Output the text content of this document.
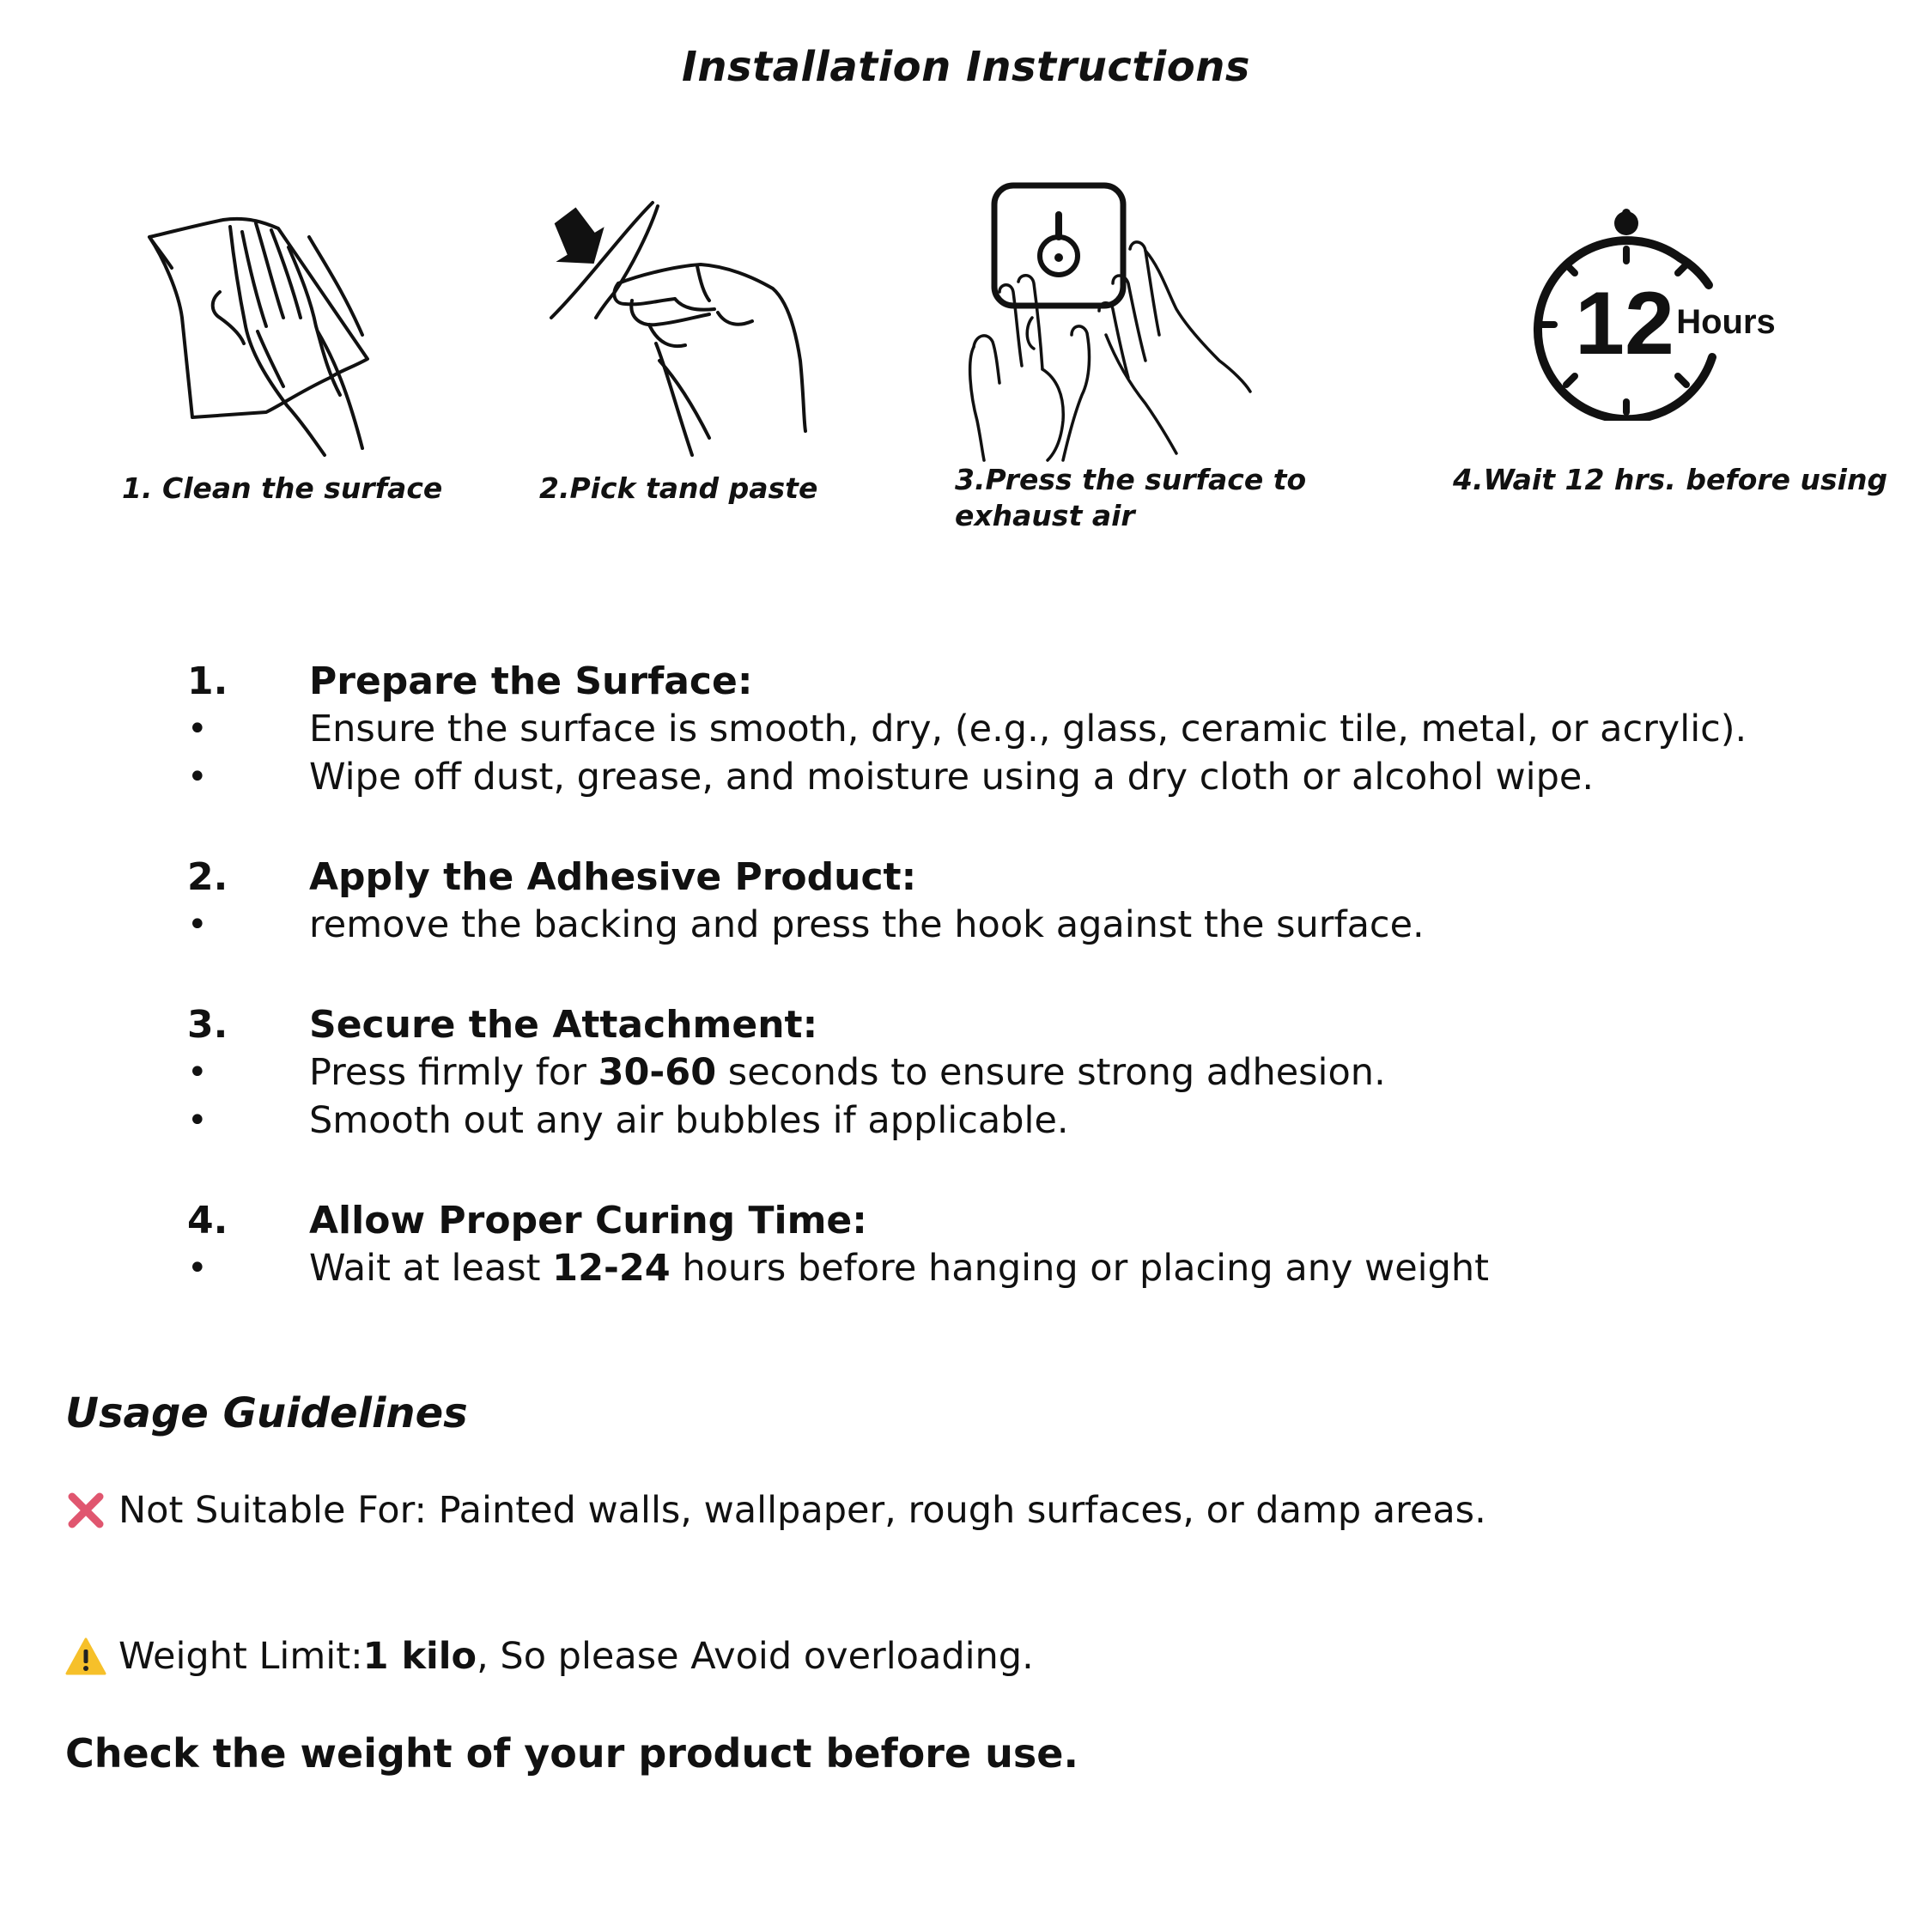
Installation Instructions
1. Clean the surface	2.Pick tand paste	3.Press the surface to
exhaust air
12 Hours
4.Wait 12 hrs. before using
1. Prepare the Surface:
•	Ensure the surface is smooth, dry, (e.g., glass, ceramic tile, metal, or acrylic).
•	Wipe off dust, grease, and moisture using a dry cloth or alcohol wipe.
2. Apply the Adhesive Product:
•	remove the backing and press the hook against the surface.
3. Secure the Attachment:
•	Press firmly for 30-60 seconds to ensure strong adhesion.
•	Smooth out any air bubbles if applicable.
4. Allow Proper Curing Time:
•	Wait at least 12-24 hours before hanging or placing any weight
Usage Guidelines
Not Suitable For: Painted walls, wallpaper, rough surfaces, or damp areas.
Weight Limit: 1 kilo , So please Avoid overloading.
Check the weight of your product before use.
